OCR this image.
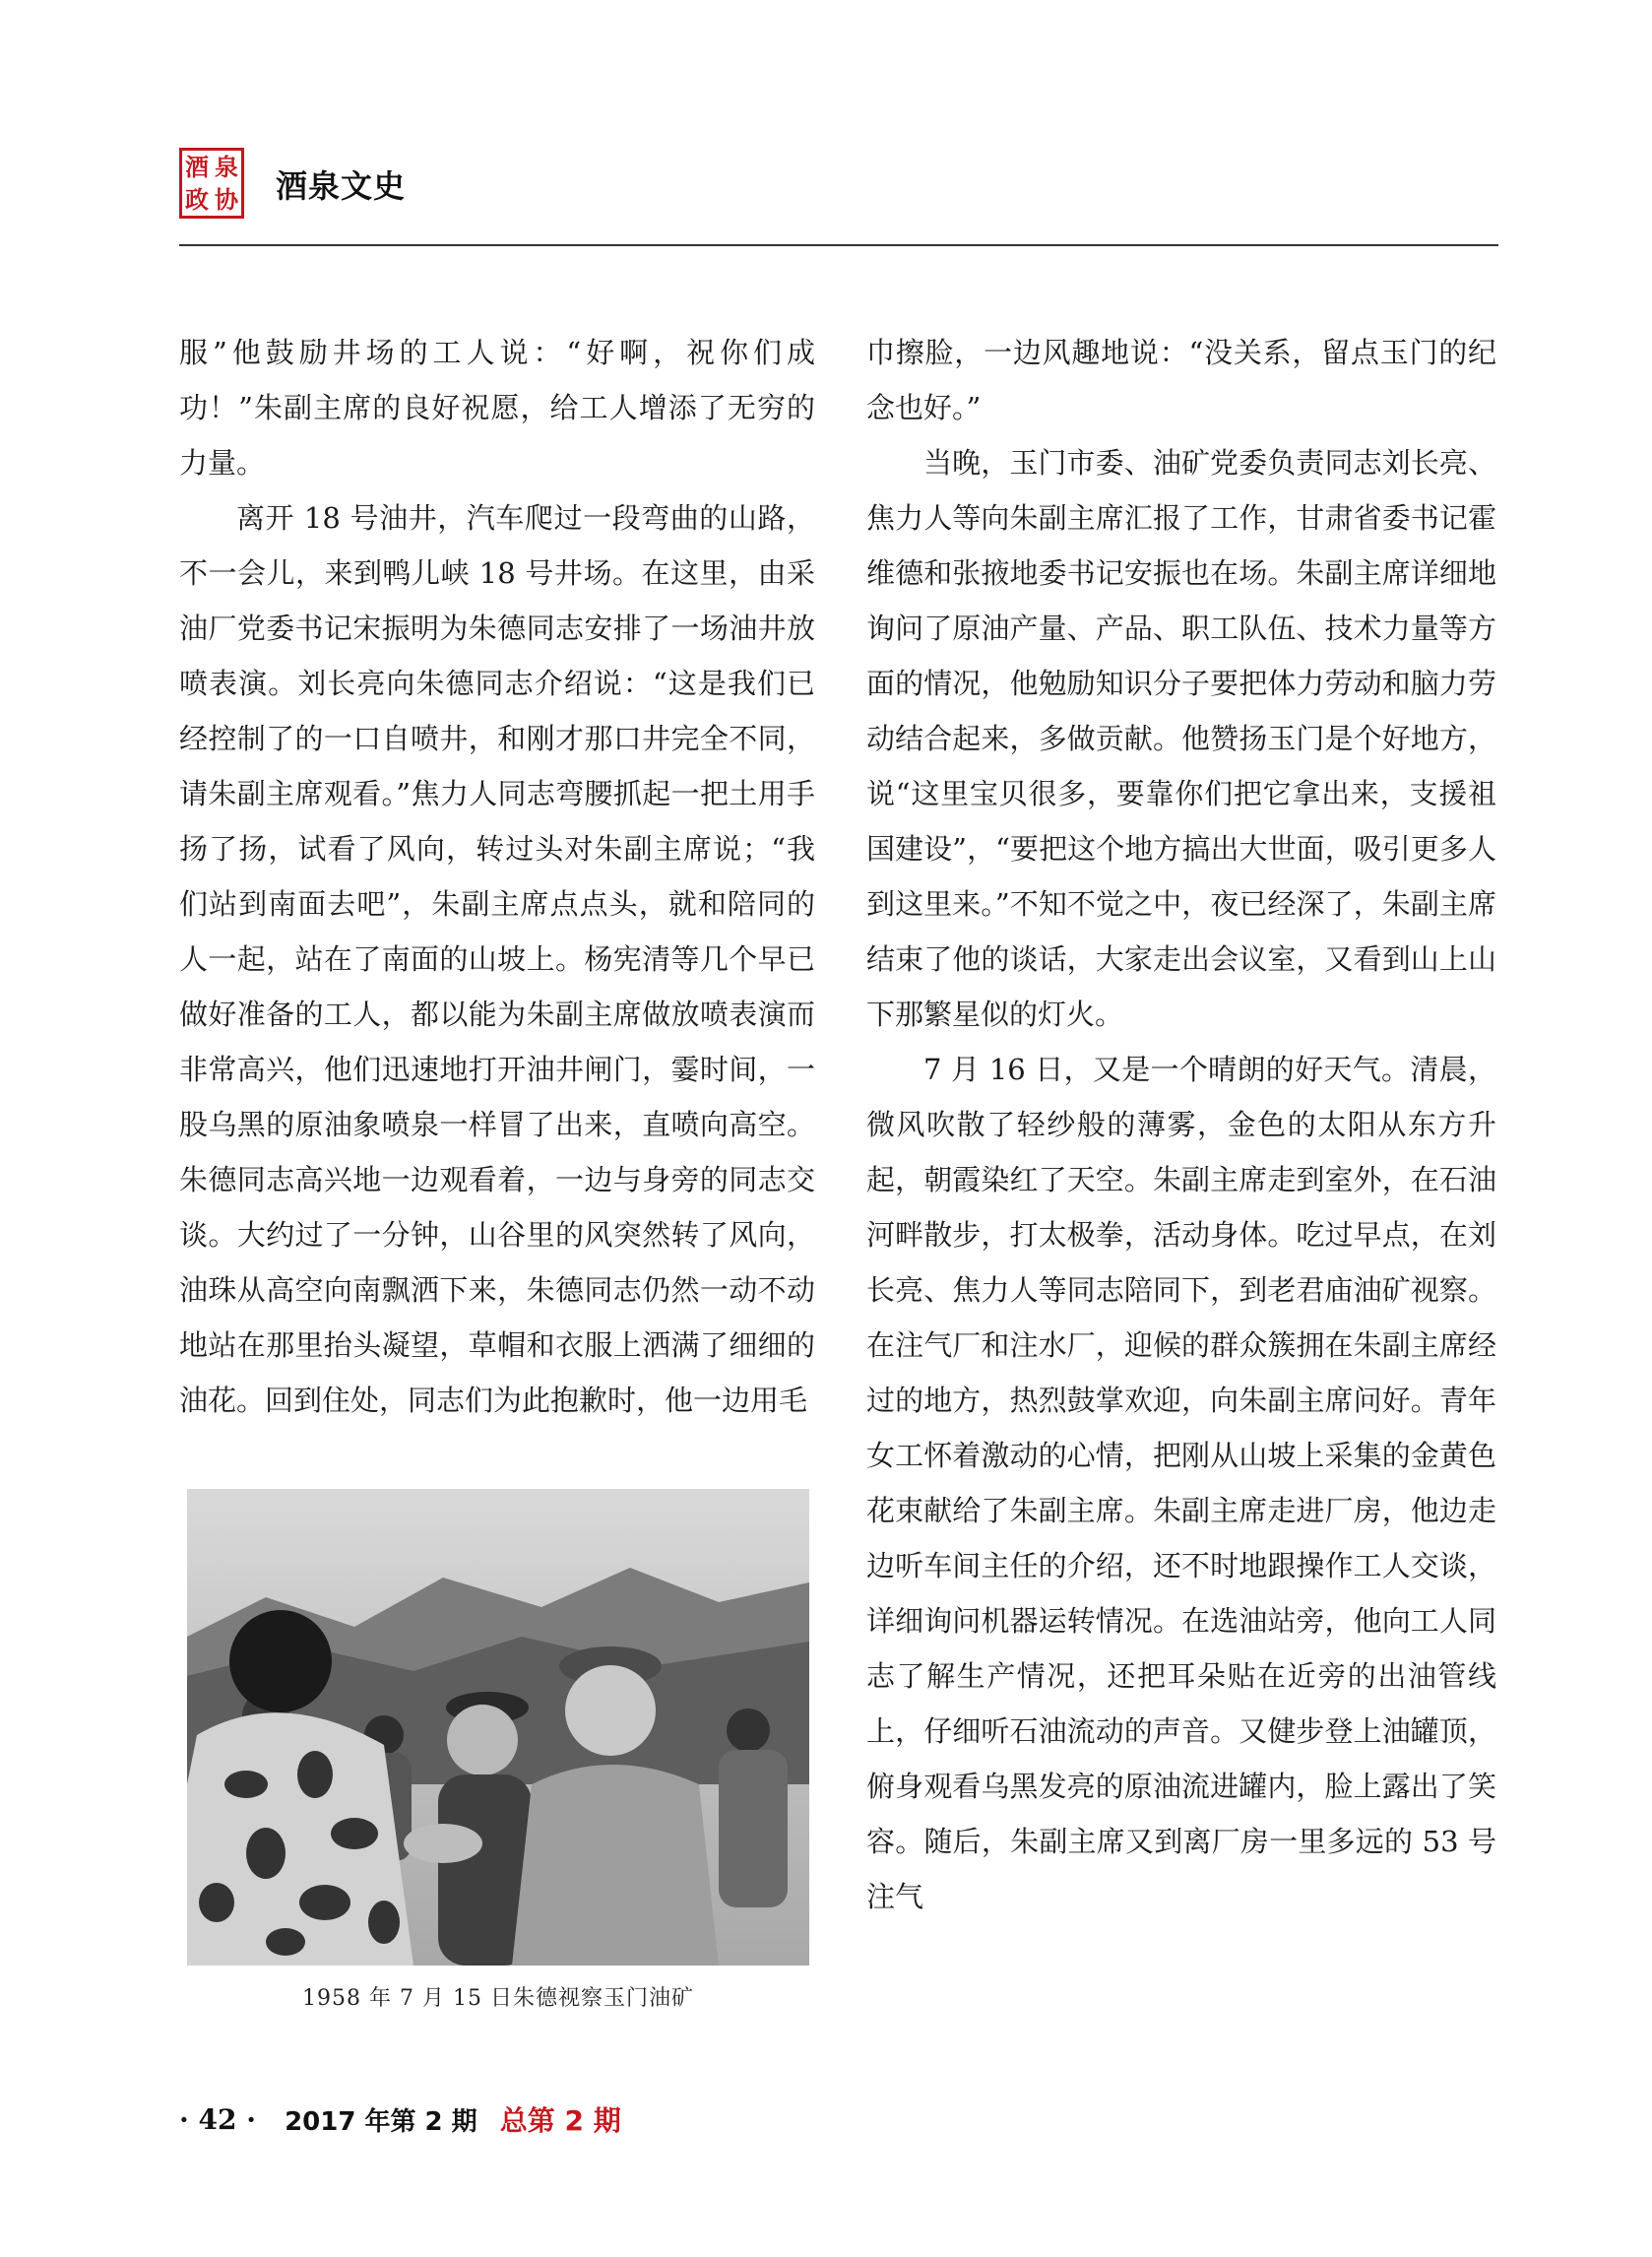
酒 泉
政 协 酒泉文史

服”他鼓励井场的工人说：“好啊，祝你们成功！”朱副主席的良好祝愿，给工人增添了无穷的力量。

离开 18 号油井，汽车爬过一段弯曲的山路，不一会儿，来到鸭儿峡 18 号井场。在这里，由采油厂党委书记宋振明为朱德同志安排了一场油井放喷表演。刘长亮向朱德同志介绍说：“这是我们已经控制了的一口自喷井，和刚才那口井完全不同，请朱副主席观看。”焦力人同志弯腰抓起一把土用手扬了扬，试看了风向，转过头对朱副主席说；“我们站到南面去吧”，朱副主席点点头，就和陪同的人一起，站在了南面的山坡上。杨宪清等几个早已做好准备的工人，都以能为朱副主席做放喷表演而非常高兴，他们迅速地打开油井闸门，霎时间，一股乌黑的原油象喷泉一样冒了出来，直喷向高空。朱德同志高兴地一边观看着，一边与身旁的同志交谈。大约过了一分钟，山谷里的风突然转了风向，油珠从高空向南飘洒下来，朱德同志仍然一动不动地站在那里抬头凝望，草帽和衣服上洒满了细细的油花。回到住处，同志们为此抱歉时，他一边用毛

1958 年 7 月 15 日朱德视察玉门油矿

巾擦脸，一边风趣地说：“没关系，留点玉门的纪念也好。”

当晚，玉门市委、油矿党委负责同志刘长亮、焦力人等向朱副主席汇报了工作，甘肃省委书记霍维德和张掖地委书记安振也在场。朱副主席详细地询问了原油产量、产品、职工队伍、技术力量等方面的情况，他勉励知识分子要把体力劳动和脑力劳动结合起来，多做贡献。他赞扬玉门是个好地方，说“这里宝贝很多，要靠你们把它拿出来，支援祖国建设”，“要把这个地方搞出大世面，吸引更多人到这里来。”不知不觉之中，夜已经深了，朱副主席结束了他的谈话，大家走出会议室，又看到山上山下那繁星似的灯火。

7 月 16 日，又是一个晴朗的好天气。清晨，微风吹散了轻纱般的薄雾，金色的太阳从东方升起，朝霞染红了天空。朱副主席走到室外，在石油河畔散步，打太极拳，活动身体。吃过早点，在刘长亮、焦力人等同志陪同下，到老君庙油矿视察。在注气厂和注水厂，迎候的群众簇拥在朱副主席经过的地方，热烈鼓掌欢迎，向朱副主席问好。青年女工怀着激动的心情，把刚从山坡上采集的金黄色花束献给了朱副主席。朱副主席走进厂房，他边走边听车间主任的介绍，还不时地跟操作工人交谈，详细询问机器运转情况。在选油站旁，他向工人同志了解生产情况，还把耳朵贴在近旁的出油管线上，仔细听石油流动的声音。又健步登上油罐顶，俯身观看乌黑发亮的原油流进罐内，脸上露出了笑容。随后，朱副主席又到离厂房一里多远的 53 号注气

· 42 · 2017 年第 2 期 总第 2 期
